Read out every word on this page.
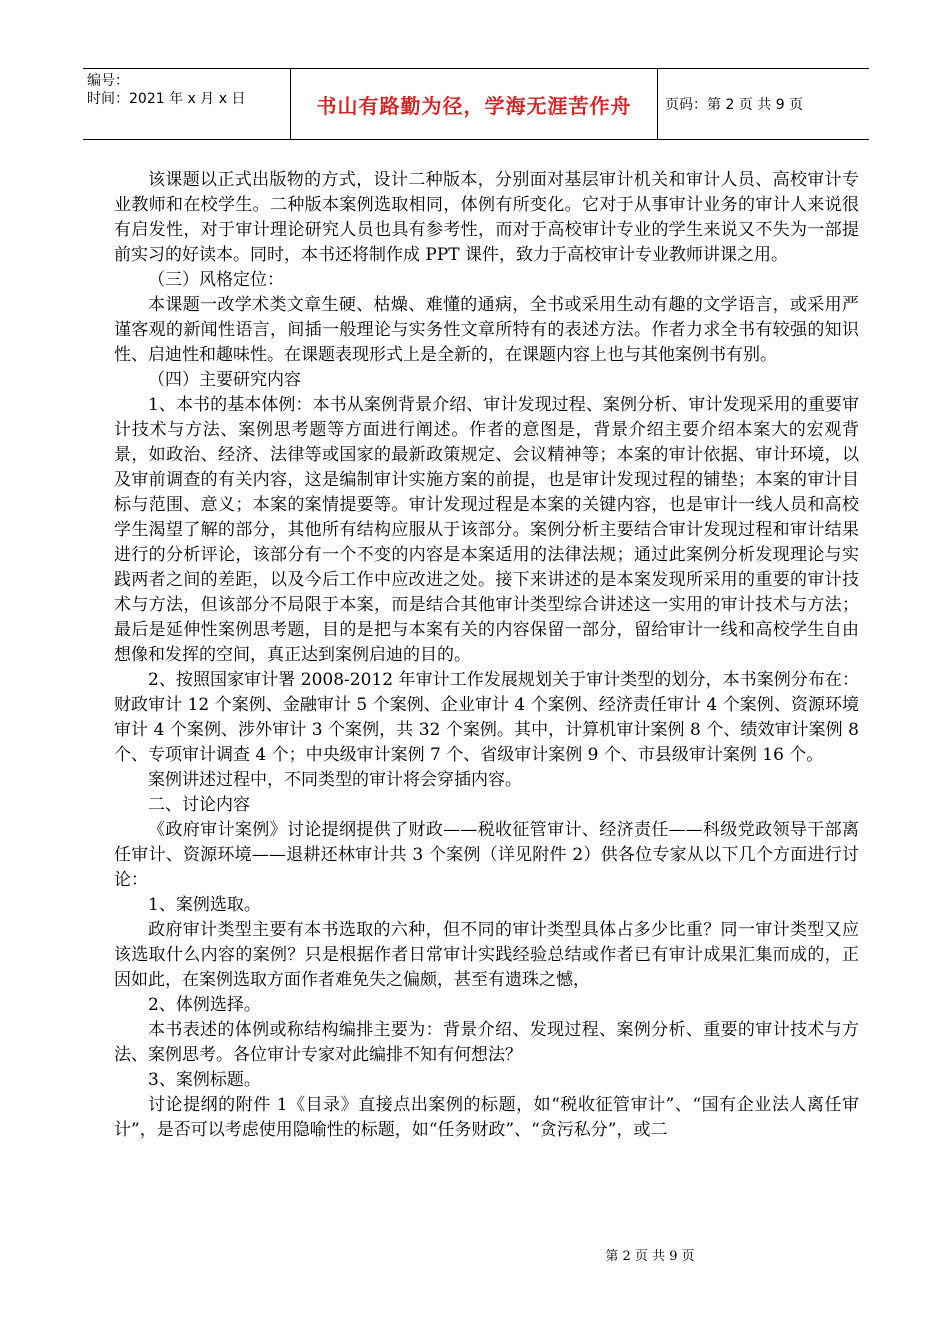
编号：
时间：2021 年 x 月 x 日	书山有路勤为径，学海无涯苦作舟	页码：第 2 页 共 9 页

该课题以正式出版物的方式，设计二种版本，分别面对基层审计机关和审计人员、高校审计专业教师和在校学生。二种版本案例选取相同，体例有所变化。它对于从事审计业务的审计人来说很有启发性，对于审计理论研究人员也具有参考性，而对于高校审计专业的学生来说又不失为一部提前实习的好读本。同时，本书还将制作成 PPT 课件，致力于高校审计专业教师讲课之用。

（三）风格定位：

本课题一改学术类文章生硬、枯燥、难懂的通病，全书或采用生动有趣的文学语言，或采用严谨客观的新闻性语言，间插一般理论与实务性文章所特有的表述方法。作者力求全书有较强的知识性、启迪性和趣味性。在课题表现形式上是全新的，在课题内容上也与其他案例书有别。

（四）主要研究内容

1、本书的基本体例：本书从案例背景介绍、审计发现过程、案例分析、审计发现采用的重要审计技术与方法、案例思考题等方面进行阐述。作者的意图是，背景介绍主要介绍本案大的宏观背景，如政治、经济、法律等或国家的最新政策规定、会议精神等；本案的审计依据、审计环境，以及审前调查的有关内容，这是编制审计实施方案的前提，也是审计发现过程的铺垫；本案的审计目标与范围、意义；本案的案情提要等。审计发现过程是本案的关键内容，也是审计一线人员和高校学生渴望了解的部分，其他所有结构应服从于该部分。案例分析主要结合审计发现过程和审计结果进行的分析评论，该部分有一个不变的内容是本案适用的法律法规；通过此案例分析发现理论与实践两者之间的差距，以及今后工作中应改进之处。接下来讲述的是本案发现所采用的重要的审计技术与方法，但该部分不局限于本案，而是结合其他审计类型综合讲述这一实用的审计技术与方法；最后是延伸性案例思考题，目的是把与本案有关的内容保留一部分，留给审计一线和高校学生自由想像和发挥的空间，真正达到案例启迪的目的。

2、按照国家审计署 2008-2012 年审计工作发展规划关于审计类型的划分，本书案例分布在：财政审计 12 个案例、金融审计 5 个案例、企业审计 4 个案例、经济责任审计 4 个案例、资源环境审计 4 个案例、涉外审计 3 个案例，共 32 个案例。其中，计算机审计案例 8 个、绩效审计案例 8 个、专项审计调查 4 个；中央级审计案例 7 个、省级审计案例 9 个、市县级审计案例 16 个。

案例讲述过程中，不同类型的审计将会穿插内容。

二、讨论内容

《政府审计案例》讨论提纲提供了财政——税收征管审计、经济责任——科级党政领导干部离任审计、资源环境——退耕还林审计共 3 个案例（详见附件 2）供各位专家从以下几个方面进行讨论：

1、案例选取。

政府审计类型主要有本书选取的六种，但不同的审计类型具体占多少比重？同一审计类型又应该选取什么内容的案例？只是根据作者日常审计实践经验总结或作者已有审计成果汇集而成的，正因如此，在案例选取方面作者难免失之偏颇，甚至有遗珠之憾，

2、体例选择。

本书表述的体例或称结构编排主要为：背景介绍、发现过程、案例分析、重要的审计技术与方法、案例思考。各位审计专家对此编排不知有何想法？

3、案例标题。

讨论提纲的附件 1《目录》直接点出案例的标题，如“税收征管审计”、“国有企业法人离任审计”，是否可以考虑使用隐喻性的标题，如“任务财政”、“贪污私分”，或二

第 2 页 共 9 页
